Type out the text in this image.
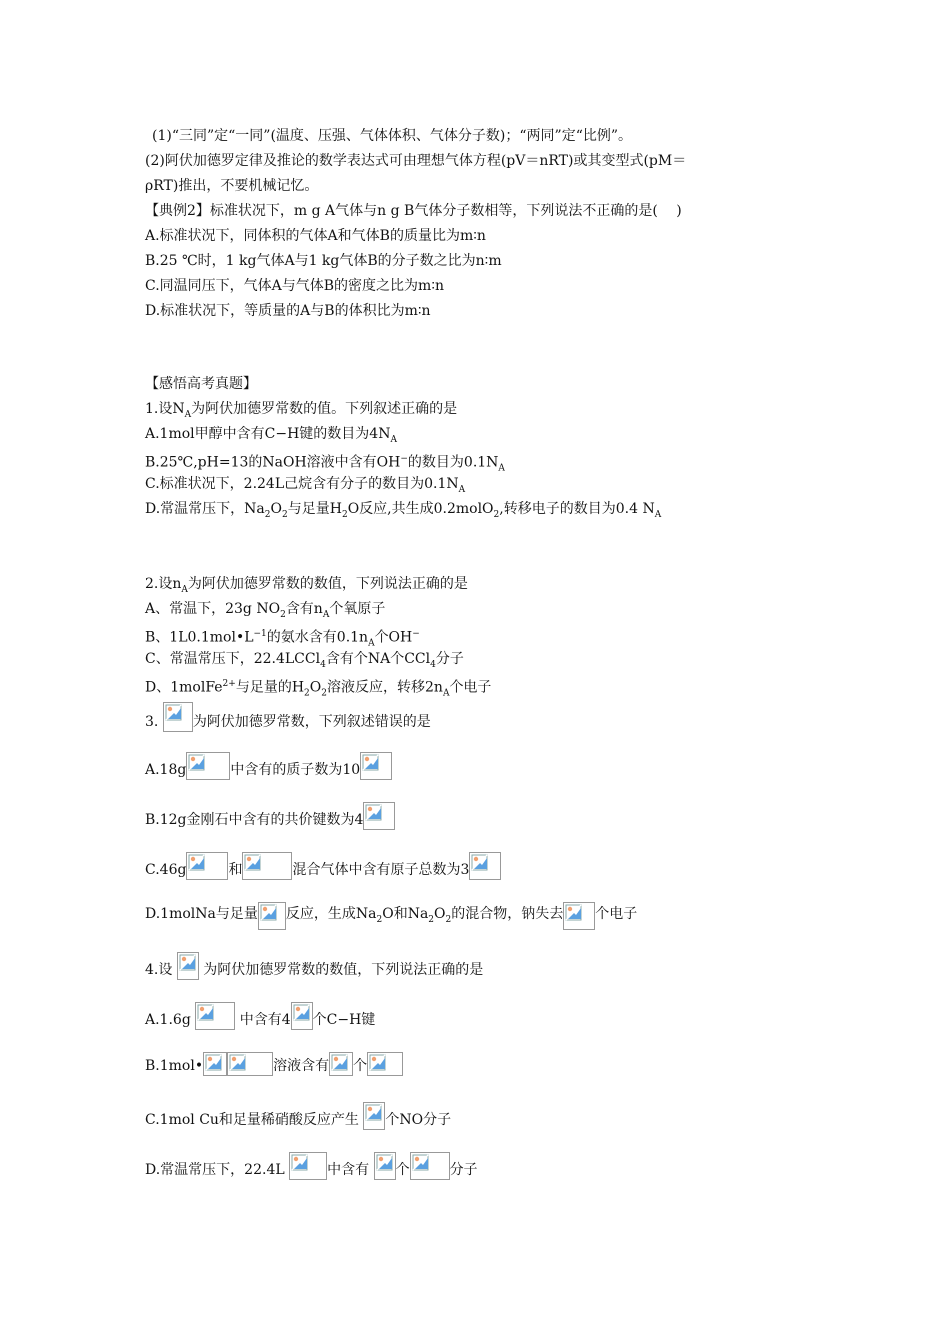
(1)“三同”定“一同”(温度、压强、气体体积、气体分子数)；“两同”定“比例”。
(2)阿伏加德罗定律及推论的数学表达式可由理想气体方程(pV＝nRT)或其变型式(pM＝
ρRT)推出，不要机械记忆。
【典例2】标准状况下，m g A气体与n g B气体分子数相等，下列说法不正确的是(　 )
A.标准状况下，同体积的气体A和气体B的质量比为m∶n
B.25 ℃时，1 kg气体A与1 kg气体B的分子数之比为n∶m
C.同温同压下，气体A与气体B的密度之比为m∶n
D.标准状况下，等质量的A与B的体积比为m∶n
【感悟高考真题】
1.设$N_A$为阿伏加德罗常数的值。下列叙述正确的是
A.1mol甲醇中含有C−H键的数目为$4N_A$
B.25℃,pH=13的NaOH溶液中含有OH−的数目为$0.1N_A$
C.标准状况下，2.24L己烷含有分子的数目为$0.1N_A$
D.常温常压下，$Na_2O_2$与足量$H_2O$反应,共生成0.2molO$_2$,转移电子的数目为0.4 $N_A$
2.设$n_A$为阿伏加德罗常数的数值，下列说法正确的是
A、常温下，23g $NO_2$含有$n_A$个氧原子
B、$1L0.1mol•L^{-1}$的氨水含有$0.1n_A$个OH−
C、常温常压下，22.4LCCl$_4$含有个NA个CCl$_4$分子
D、1molFe$^{2+}$与足量的$H_2O_2$溶液反应，转移$2n_A$个电子
3. 为阿伏加德罗常数，下列叙述错误的是
A.18g	中含有的质子数为10
B.12g金刚石中含有的共价键数为4
C.46g	和	混合气体中含有原子总数为3
D.1molNa与足量 反应，生成$Na_2O$和$Na_2O_2$的混合物，钠失去 个电子
4.设 为阿伏加德罗常数的数值，下列说法正确的是
A.1.6g	中含有4 个C−H键
B.1mol•	溶液含有 个
C.1mol Cu和足量稀硝酸反应产生 个NO分子
D.常温常压下，22.4L	中含有 个	分子
